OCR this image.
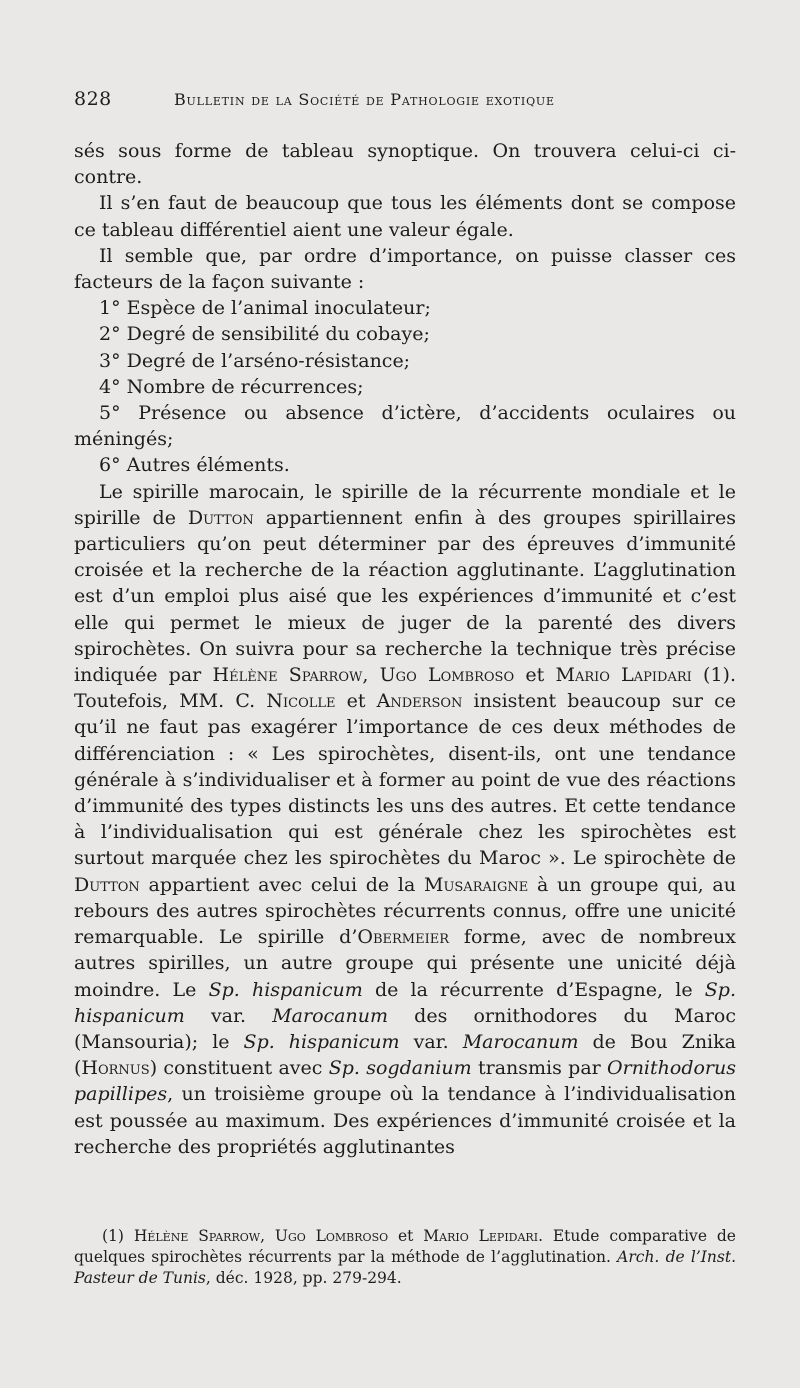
828	Bulletin de la Société de Pathologie exotique

sés sous forme de tableau synoptique. On trouvera celui-ci ci-contre.

Il s’en faut de beaucoup que tous les éléments dont se compose ce tableau différentiel aient une valeur égale.

Il semble que, par ordre d’importance, on puisse classer ces facteurs de la façon suivante :

1° Espèce de l’animal inoculateur;

2° Degré de sensibilité du cobaye;

3° Degré de l’arséno-résistance;

4° Nombre de récurrences;

5° Présence ou absence d’ictère, d’accidents oculaires ou méningés;

6° Autres éléments.

Le spirille marocain, le spirille de la récurrente mondiale et le spirille de Dutton appartiennent enfin à des groupes spirillaires particuliers qu’on peut déterminer par des épreuves d’immunité croisée et la recherche de la réaction agglutinante. L’agglutination est d’un emploi plus aisé que les expériences d’immunité et c’est elle qui permet le mieux de juger de la parenté des divers spirochètes. On suivra pour sa recherche la technique très précise indiquée par Hélène Sparrow, Ugo Lombroso et Mario Lapidari (1). Toutefois, MM. C. Nicolle et Anderson insistent beaucoup sur ce qu’il ne faut pas exagérer l’importance de ces deux méthodes de différenciation : « Les spirochètes, disent-ils, ont une tendance générale à s’individualiser et à former au point de vue des réactions d’immunité des types distincts les uns des autres. Et cette tendance à l’individualisation qui est générale chez les spirochètes est surtout marquée chez les spirochètes du Maroc ». Le spirochète de Dutton appartient avec celui de la Musaraigne à un groupe qui, au rebours des autres spirochètes récurrents connus, offre une unicité remarquable. Le spirille d’Obermeier forme, avec de nombreux autres spirilles, un autre groupe qui présente une unicité déjà moindre. Le Sp. hispanicum de la récurrente d’Espagne, le Sp. hispanicum var. Marocanum des ornithodores du Maroc (Mansouria); le Sp. hispanicum var. Marocanum de Bou Znika (Hornus) constituent avec Sp. sogdanium transmis par Ornithodorus papillipes, un troisième groupe où la tendance à l’individualisation est poussée au maximum. Des expériences d’immunité croisée et la recherche des propriétés agglutinantes

(1) Hélène Sparrow, Ugo Lombroso et Mario Lepidari. Etude comparative de quelques spirochètes récurrents par la méthode de l’agglutination. Arch. de l’Inst. Pasteur de Tunis, déc. 1928, pp. 279-294.
